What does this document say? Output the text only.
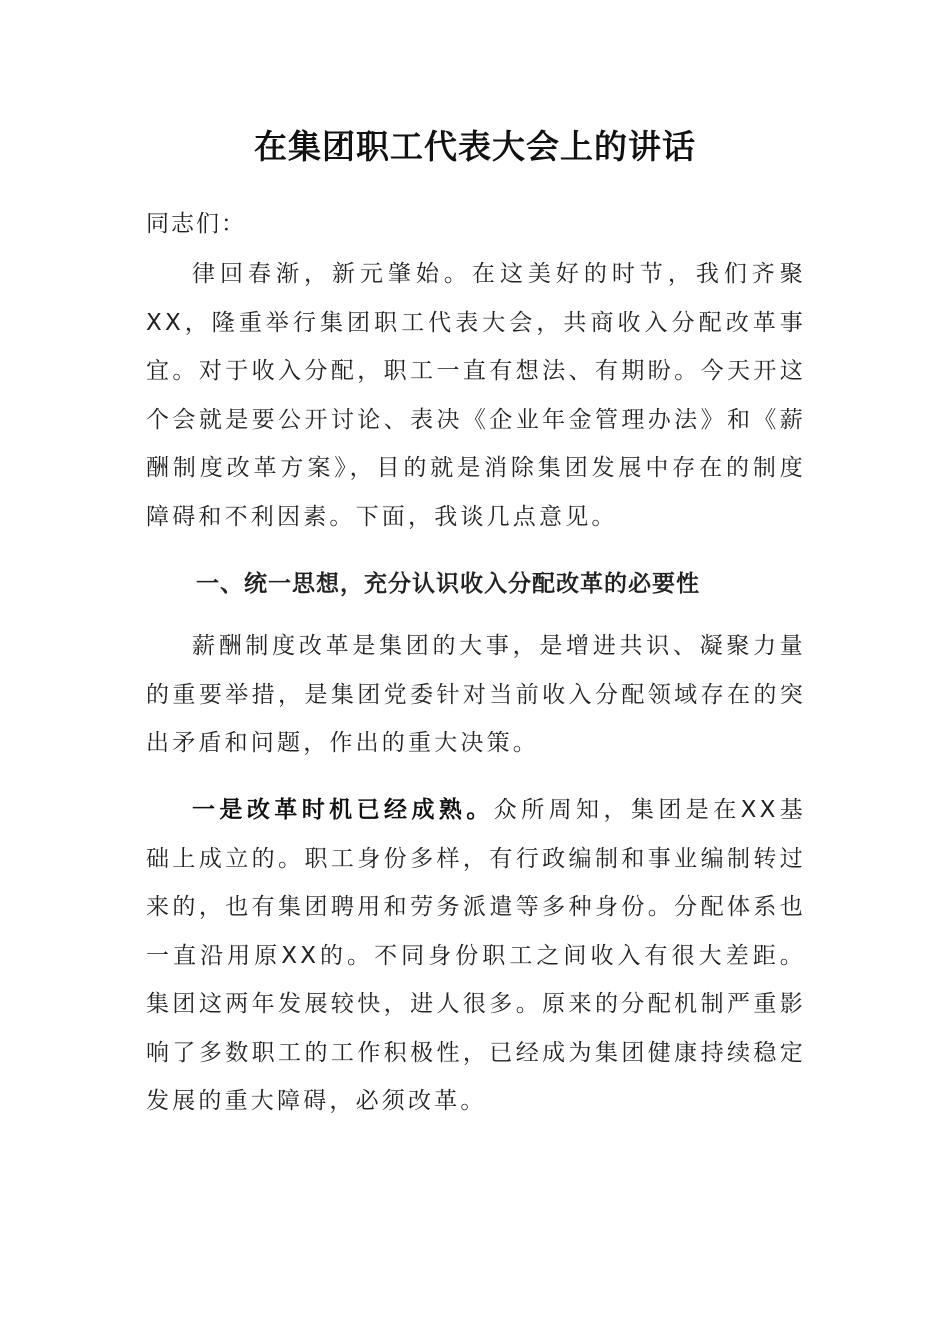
在集团职工代表大会上的讲话
同志们：
律回春渐，新元肇始。在这美好的时节，我们齐聚XX，隆重举行集团职工代表大会，共商收入分配改革事宜。对于收入分配，职工一直有想法、有期盼。今天开这个会就是要公开讨论、表决《企业年金管理办法》和《薪酬制度改革方案》，目的就是消除集团发展中存在的制度障碍和不利因素。下面，我谈几点意见。
一、统一思想，充分认识收入分配改革的必要性
薪酬制度改革是集团的大事，是增进共识、凝聚力量的重要举措，是集团党委针对当前收入分配领域存在的突出矛盾和问题，作出的重大决策。
一是改革时机已经成熟。众所周知，集团是在XX基础上成立的。职工身份多样，有行政编制和事业编制转过来的，也有集团聘用和劳务派遣等多种身份。分配体系也一直沿用原XX的。不同身份职工之间收入有很大差距。集团这两年发展较快，进人很多。原来的分配机制严重影响了多数职工的工作积极性，已经成为集团健康持续稳定发展的重大障碍，必须改革。
